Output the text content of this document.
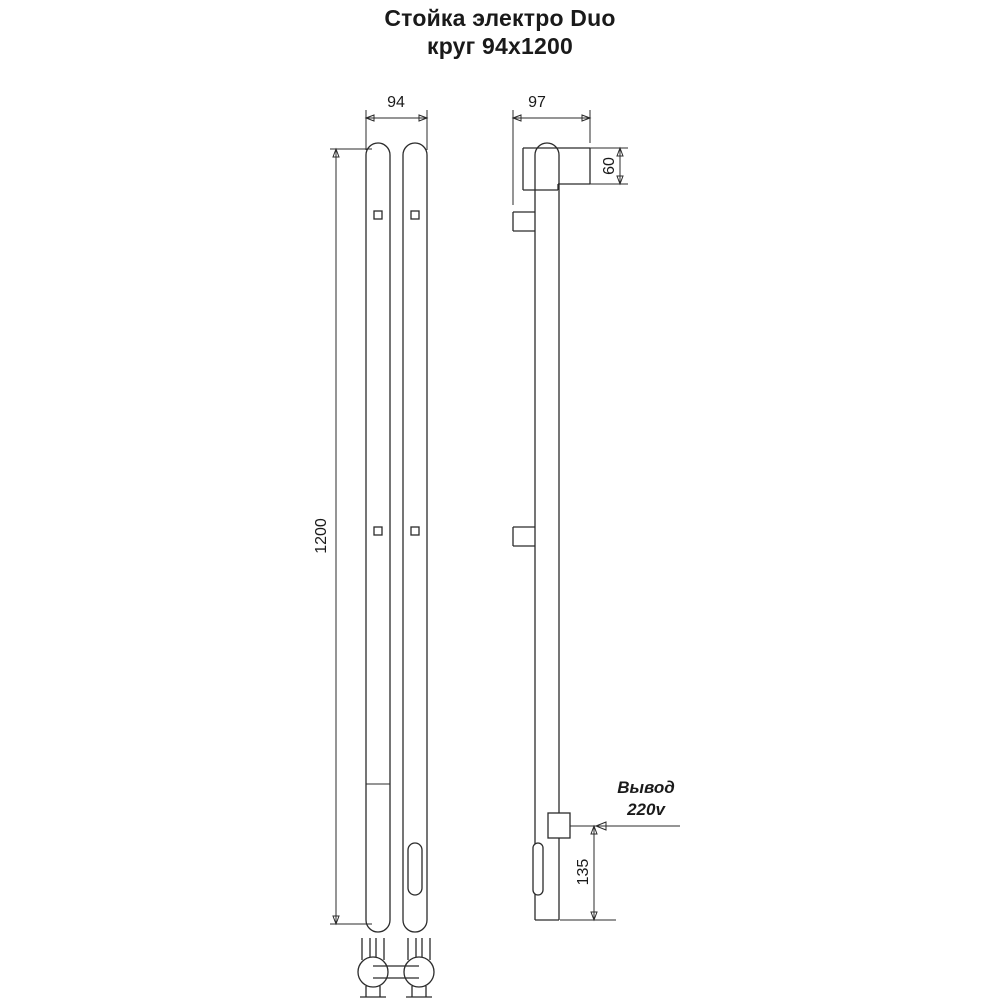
Стойка электро Duo
круг 94х1200
94
1200
97
60
135
Вывод
220v
